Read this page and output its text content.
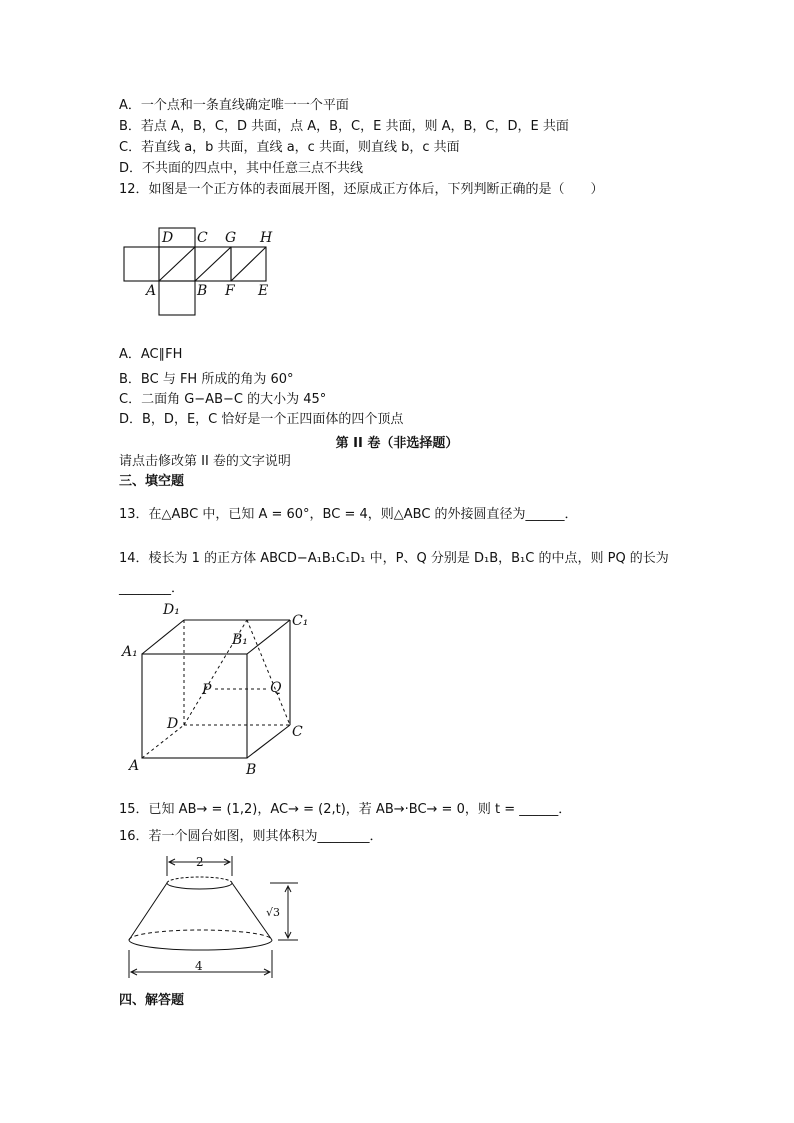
A．一个点和一条直线确定唯一一个平面
B．若点 A，B，C，D 共面，点 A，B，C，E 共面，则 A，B，C，D，E 共面
C．若直线 a，b 共面，直线 a，c 共面，则直线 b，c 共面
D．不共面的四点中，其中任意三点不共线
12．如图是一个正方体的表面展开图，还原成正方体后，下列判断正确的是（　　）
D C G H
A	B F E
A．AC∥FH
B．BC 与 FH 所成的角为 60°
C．二面角 G−AB−C 的大小为 45°
D．B，D，E，C 恰好是一个正四面体的四个顶点
第 II 卷（非选择题）
请点击修改第 II 卷的文字说明
三、填空题
13．在△ABC 中，已知 A = 60°，BC = 4，则△ABC 的外接圆直径为______．
14．棱长为 1 的正方体 ABCD−A₁B₁C₁D₁ 中，P、Q 分别是 D₁B，B₁C 的中点，则 PQ 的长为
________．
D₁
C₁
A₁
B₁
P	Q
D	C
A	B
15．已知 AB→ = (1,2)，AC→ = (2,t)，若 AB→·BC→ = 0，则 t = ______．
16．若一个圆台如图，则其体积为________．
2
√3
4
四、解答题
